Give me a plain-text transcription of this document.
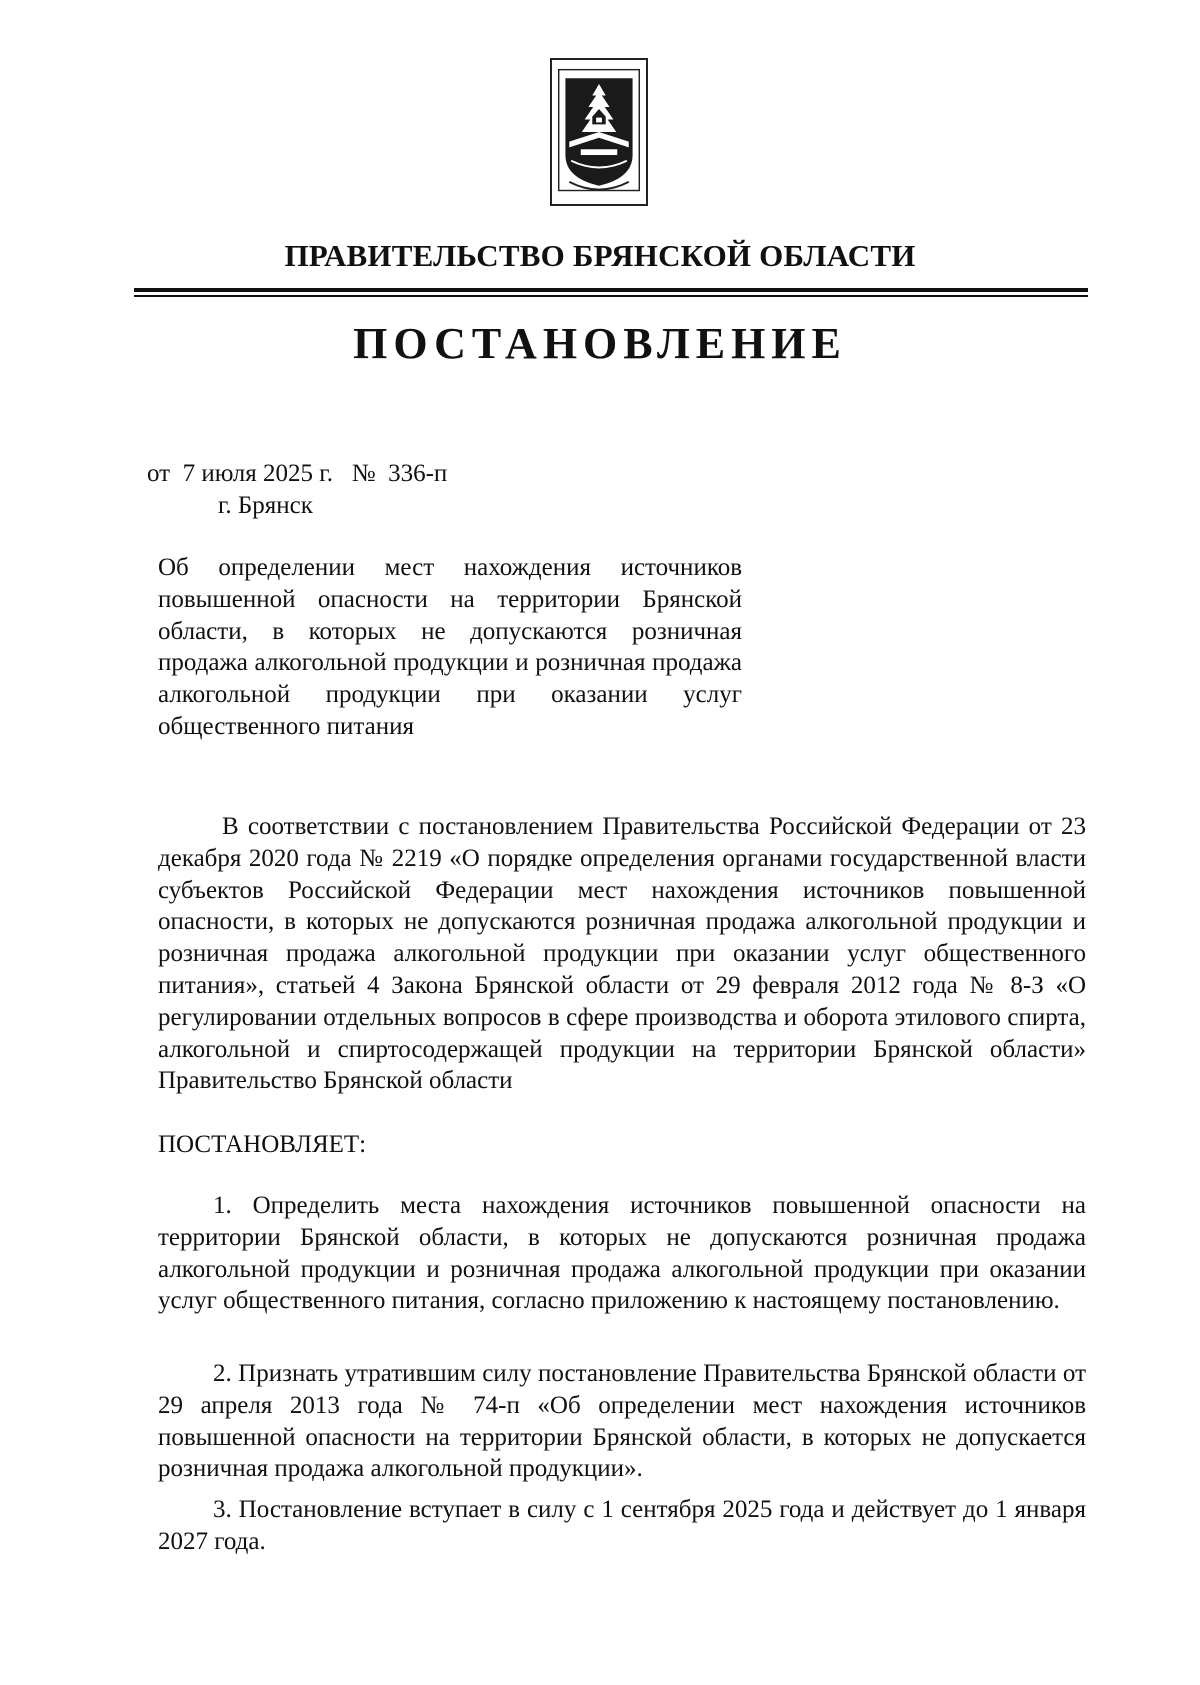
ПРАВИТЕЛЬСТВО БРЯНСКОЙ ОБЛАСТИ
ПОСТАНОВЛЕНИЕ
от 7 июля 2025 г. № 336-п
г. Брянск
Об определении мест нахождения источников повышенной опасности на территории Брянской области, в которых не допускаются розничная продажа алкогольной продукции и розничная продажа алкогольной продукции при оказании услуг общественного питания
В соответствии с постановлением Правительства Российской Федерации от 23 декабря 2020 года № 2219 «О порядке определения органами государственной власти субъектов Российской Федерации мест нахождения источников повышенной опасности, в которых не допускаются розничная продажа алкогольной продукции и розничная продажа алкогольной продукции при оказании услуг общественного питания», статьей 4 Закона Брянской области от 29 февраля 2012 года № 8-З «О регулировании отдельных вопросов в сфере производства и оборота этилового спирта, алкогольной и спиртосодержащей продукции на территории Брянской области» Правительство Брянской области
ПОСТАНОВЛЯЕТ:
1. Определить места нахождения источников повышенной опасности на территории Брянской области, в которых не допускаются розничная продажа алкогольной продукции и розничная продажа алкогольной продукции при оказании услуг общественного питания, согласно приложению к настоящему постановлению.
2. Признать утратившим силу постановление Правительства Брянской области от 29 апреля 2013 года № 74-п «Об определении мест нахождения источников повышенной опасности на территории Брянской области, в которых не допускается розничная продажа алкогольной продукции».
3. Постановление вступает в силу с 1 сентября 2025 года и действует до 1 января 2027 года.
